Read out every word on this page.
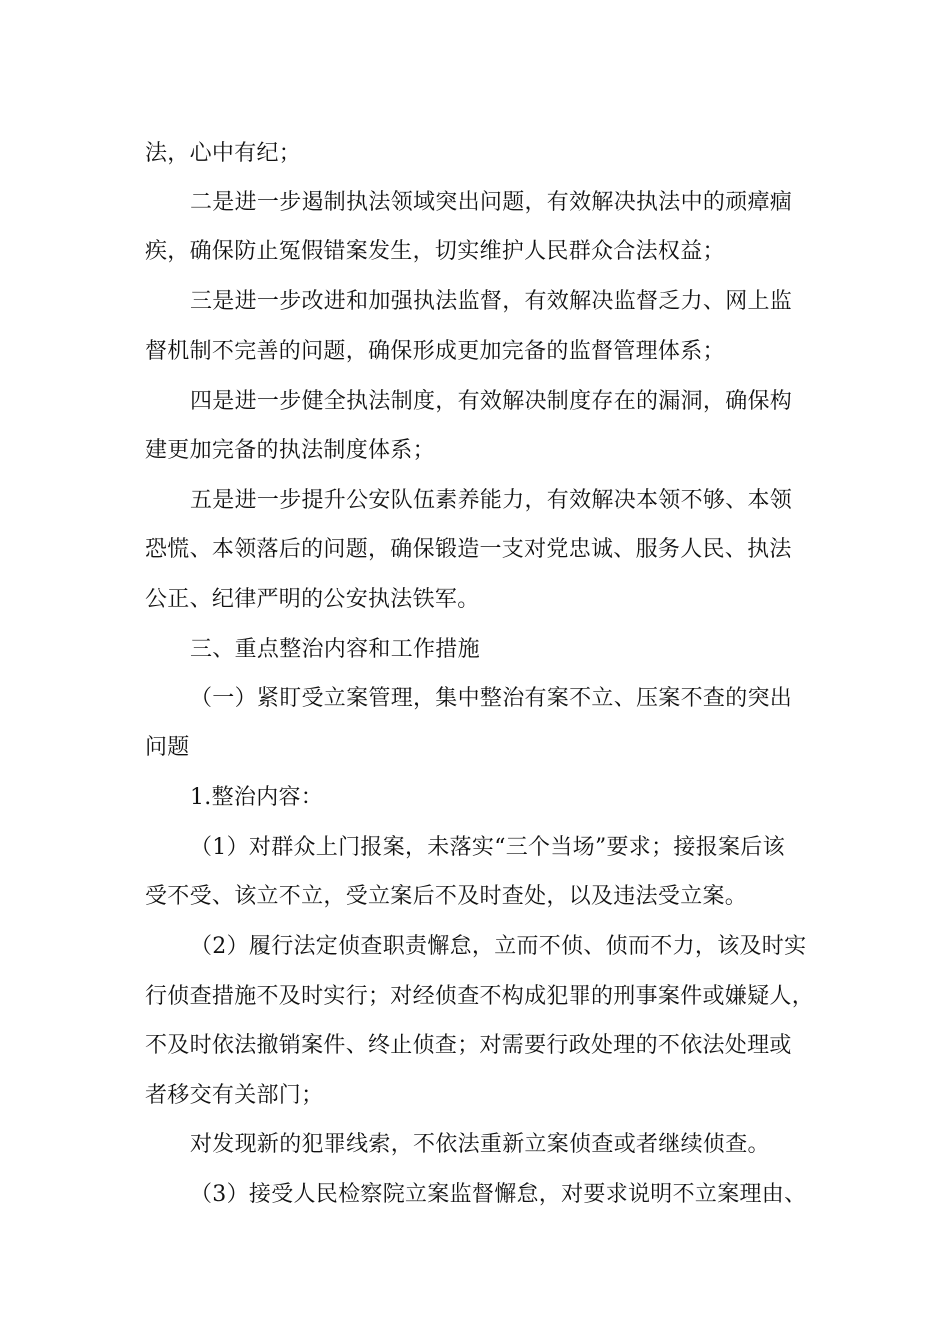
法，心中有纪；
二是进一步遏制执法领域突出问题，有效解决执法中的顽瘴痼
疾，确保防止冤假错案发生，切实维护人民群众合法权益；
三是进一步改进和加强执法监督，有效解决监督乏力、网上监
督机制不完善的问题，确保形成更加完备的监督管理体系；
四是进一步健全执法制度，有效解决制度存在的漏洞，确保构
建更加完备的执法制度体系；
五是进一步提升公安队伍素养能力，有效解决本领不够、本领
恐慌、本领落后的问题，确保锻造一支对党忠诚、服务人民、执法
公正、纪律严明的公安执法铁军。
三、重点整治内容和工作措施
（一）紧盯受立案管理，集中整治有案不立、压案不查的突出
问题
1.整治内容：
（1）对群众上门报案，未落实“三个当场”要求；接报案后该
受不受、该立不立，受立案后不及时查处，以及违法受立案。
（2）履行法定侦查职责懈怠，立而不侦、侦而不力，该及时实
行侦查措施不及时实行；对经侦查不构成犯罪的刑事案件或嫌疑人，
不及时依法撤销案件、终止侦查；对需要行政处理的不依法处理或
者移交有关部门；
对发现新的犯罪线索，不依法重新立案侦查或者继续侦查。
（3）接受人民检察院立案监督懈怠，对要求说明不立案理由、
